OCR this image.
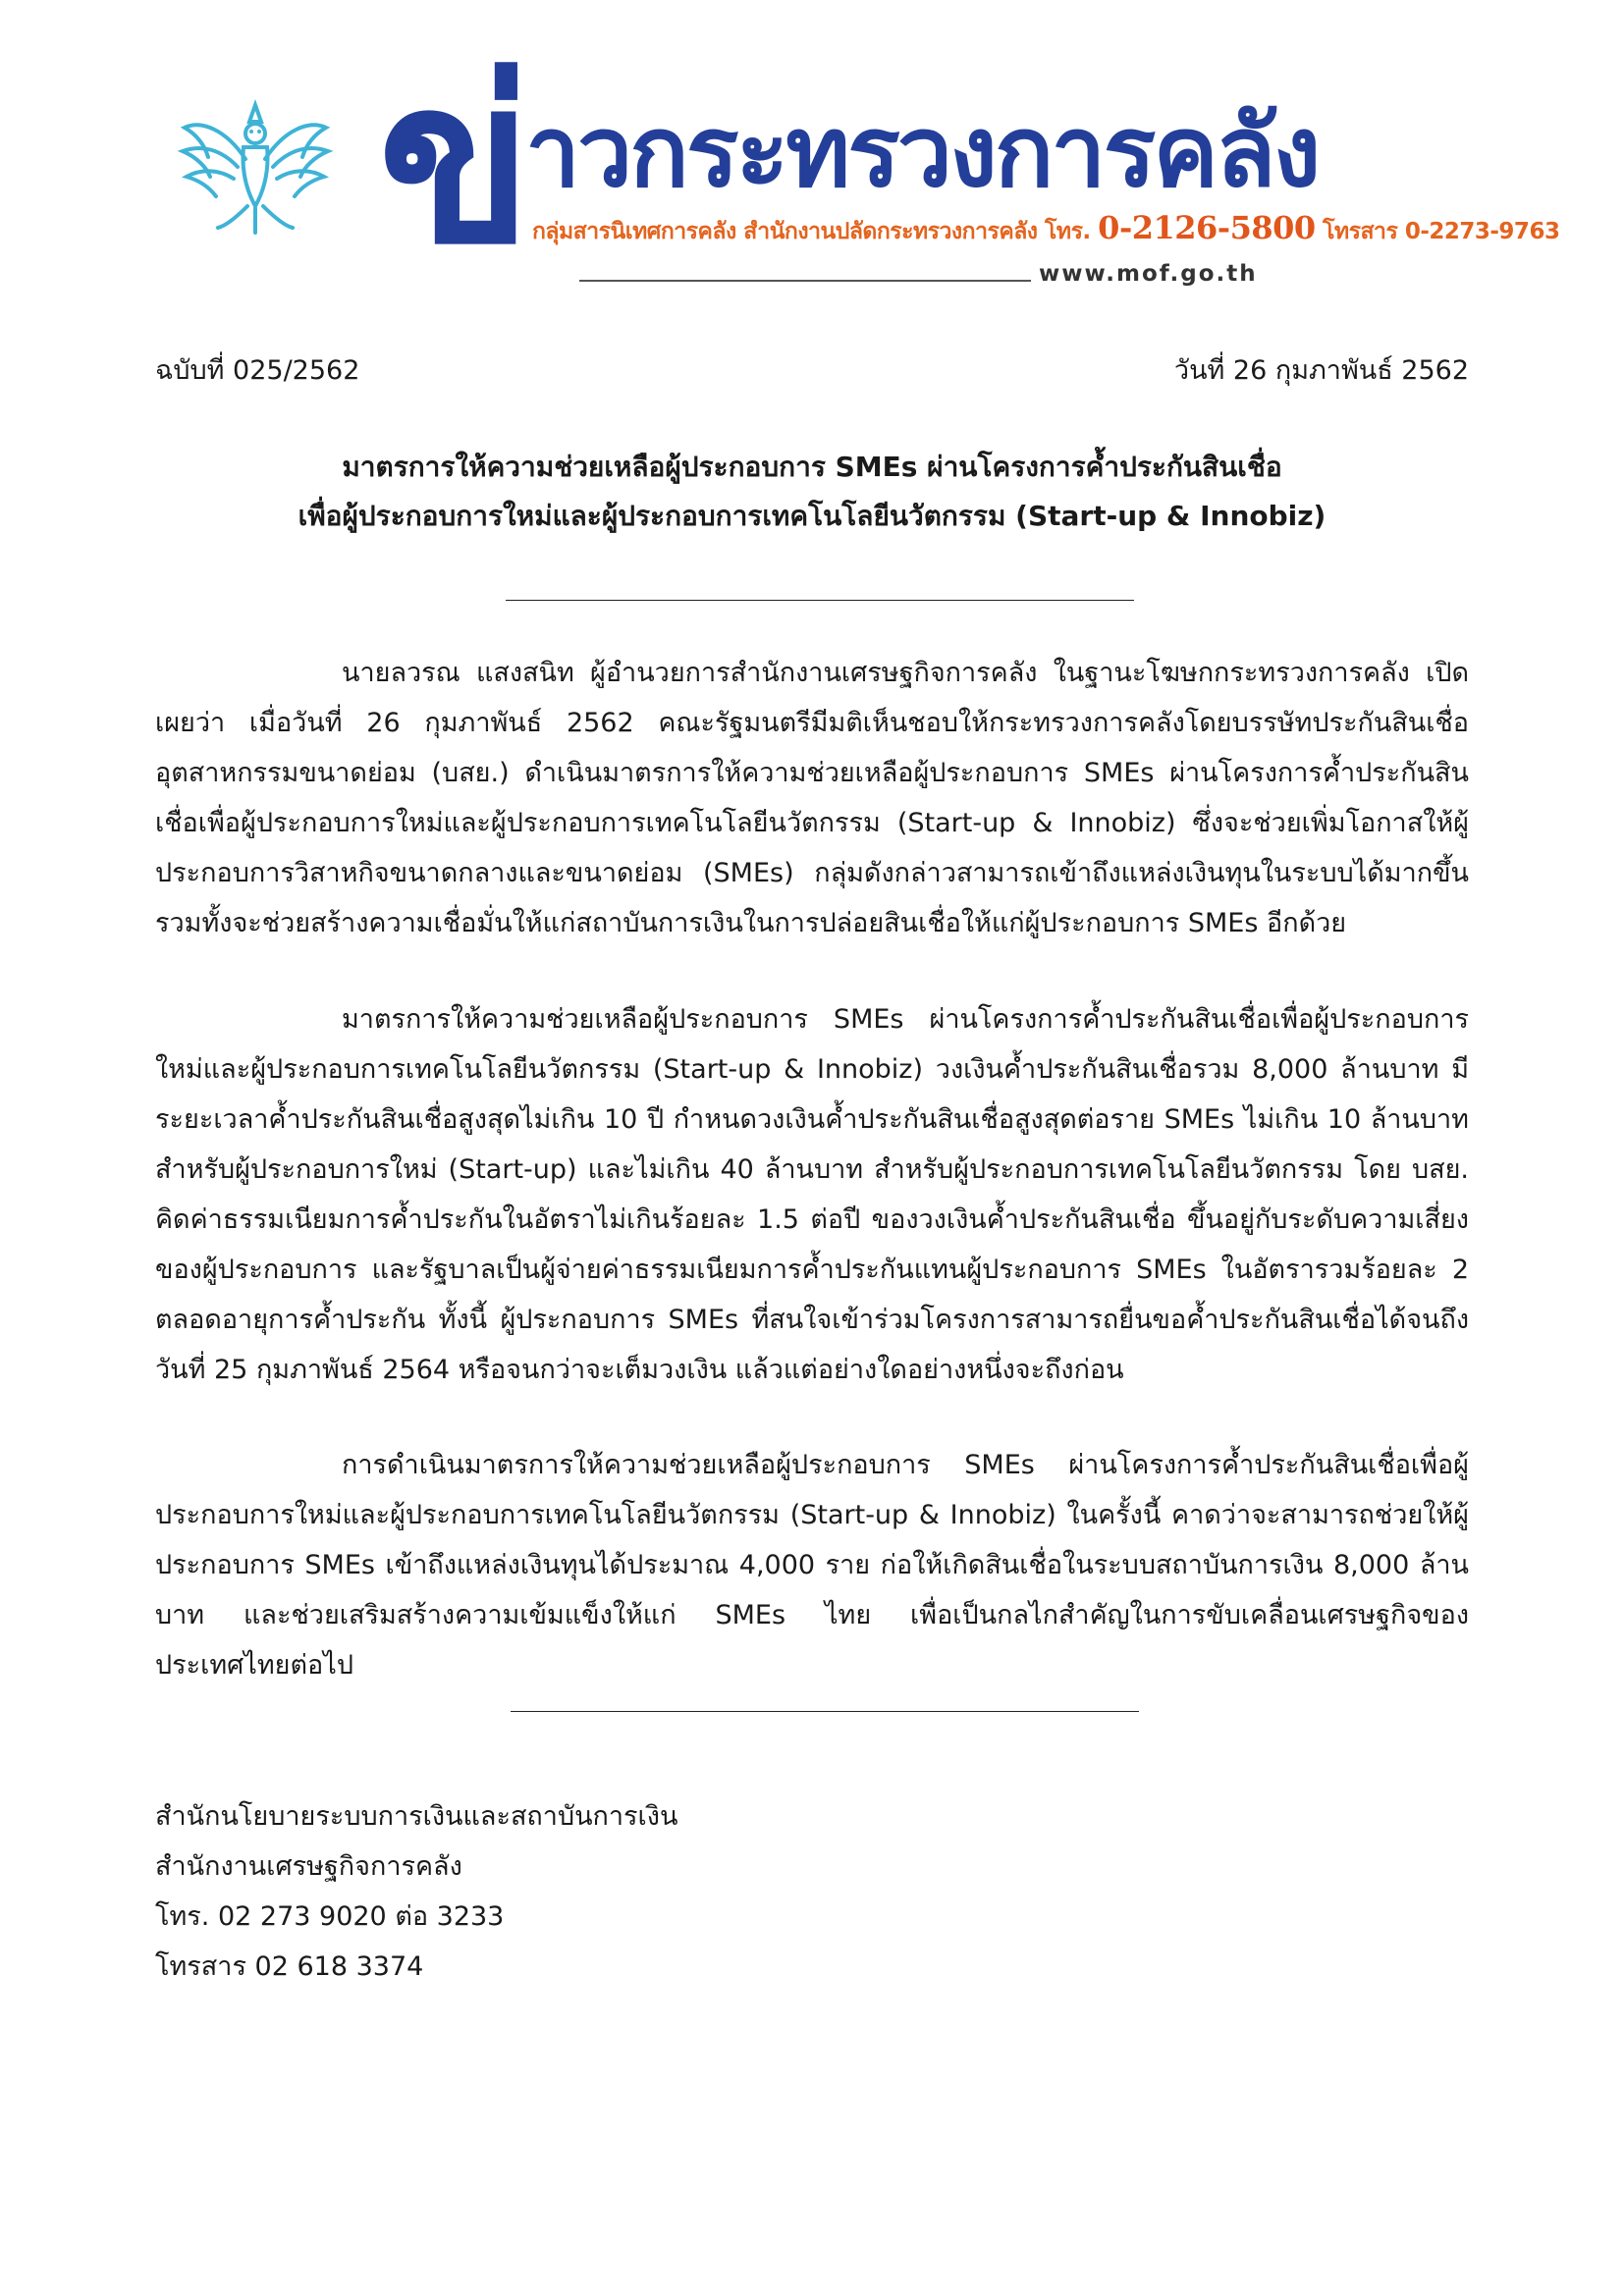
ข่
าวกระทรวงการคลัง
กลุ่มสารนิเทศการคลัง สำนักงานปลัดกระทรวงการคลัง โทร. 0-2126-5800 โทรสาร 0-2273-9763
www.mof.go.th
ฉบับที่ 025/2562	วันที่ 26 กุมภาพันธ์ 2562
มาตรการให้ความช่วยเหลือผู้ประกอบการ SMEs ผ่านโครงการค้ำประกันสินเชื่อ
เพื่อผู้ประกอบการใหม่และผู้ประกอบการเทคโนโลยีนวัตกรรม (Start-up & Innobiz)

นายลวรณ แสงสนิท ผู้อำนวยการสำนักงานเศรษฐกิจการคลัง ในฐานะโฆษกกระทรวงการคลัง เปิดเผยว่า เมื่อวันที่ 26 กุมภาพันธ์ 2562 คณะรัฐมนตรีมีมติเห็นชอบให้กระทรวงการคลังโดยบรรษัทประกันสินเชื่ออุตสาหกรรมขนาดย่อม (บสย.) ดำเนินมาตรการให้ความช่วยเหลือผู้ประกอบการ SMEs ผ่านโครงการค้ำประกันสินเชื่อเพื่อผู้ประกอบการใหม่และผู้ประกอบการเทคโนโลยีนวัตกรรม (Start-up & Innobiz) ซึ่งจะช่วยเพิ่มโอกาสให้ผู้ประกอบการวิสาหกิจขนาดกลางและขนาดย่อม (SMEs) กลุ่มดังกล่าวสามารถเข้าถึงแหล่งเงินทุนในระบบได้มากขึ้น รวมทั้งจะช่วยสร้างความเชื่อมั่นให้แก่สถาบันการเงินในการปล่อยสินเชื่อให้แก่ผู้ประกอบการ SMEs อีกด้วย

มาตรการให้ความช่วยเหลือผู้ประกอบการ SMEs ผ่านโครงการค้ำประกันสินเชื่อเพื่อผู้ประกอบการใหม่และผู้ประกอบการเทคโนโลยีนวัตกรรม (Start-up & Innobiz) วงเงินค้ำประกันสินเชื่อรวม 8,000 ล้านบาท มีระยะเวลาค้ำประกันสินเชื่อสูงสุดไม่เกิน 10 ปี กำหนดวงเงินค้ำประกันสินเชื่อสูงสุดต่อราย SMEs ไม่เกิน 10 ล้านบาท สำหรับผู้ประกอบการใหม่ (Start-up) และไม่เกิน 40 ล้านบาท สำหรับผู้ประกอบการเทคโนโลยีนวัตกรรม โดย บสย. คิดค่าธรรมเนียมการค้ำประกันในอัตราไม่เกินร้อยละ 1.5 ต่อปี ของวงเงินค้ำประกันสินเชื่อ ขึ้นอยู่กับระดับความเสี่ยงของผู้ประกอบการ และรัฐบาลเป็นผู้จ่ายค่าธรรมเนียมการค้ำประกันแทนผู้ประกอบการ SMEs ในอัตรารวมร้อยละ 2 ตลอดอายุการค้ำประกัน ทั้งนี้ ผู้ประกอบการ SMEs ที่สนใจเข้าร่วมโครงการสามารถยื่นขอค้ำประกันสินเชื่อได้จนถึงวันที่ 25 กุมภาพันธ์ 2564 หรือจนกว่าจะเต็มวงเงิน แล้วแต่อย่างใดอย่างหนึ่งจะถึงก่อน

การดำเนินมาตรการให้ความช่วยเหลือผู้ประกอบการ SMEs ผ่านโครงการค้ำประกันสินเชื่อเพื่อผู้ประกอบการใหม่และผู้ประกอบการเทคโนโลยีนวัตกรรม (Start-up & Innobiz) ในครั้งนี้ คาดว่าจะสามารถช่วยให้ผู้ประกอบการ SMEs เข้าถึงแหล่งเงินทุนได้ประมาณ 4,000 ราย ก่อให้เกิดสินเชื่อในระบบสถาบันการเงิน 8,000 ล้านบาท และช่วยเสริมสร้างความเข้มแข็งให้แก่ SMEs ไทย เพื่อเป็นกลไกสำคัญในการขับเคลื่อนเศรษฐกิจของประเทศไทยต่อไป

สำนักนโยบายระบบการเงินและสถาบันการเงิน
สำนักงานเศรษฐกิจการคลัง
โทร. 02 273 9020 ต่อ 3233
โทรสาร 02 618 3374
